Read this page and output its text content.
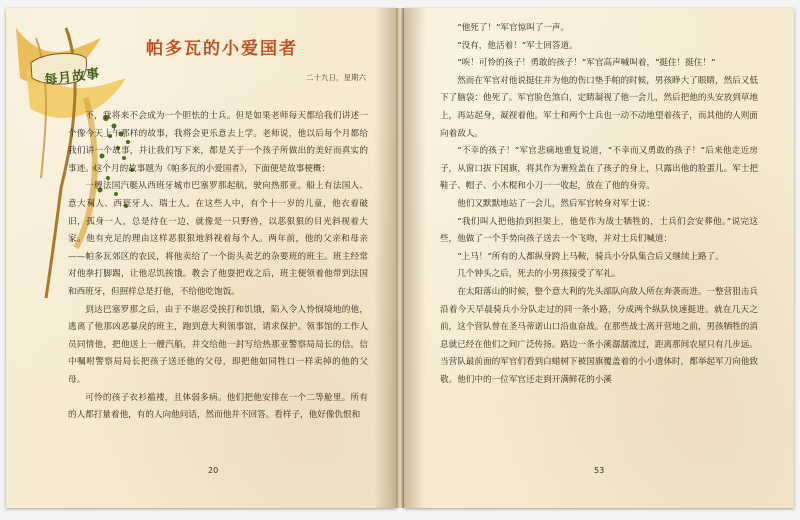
每月故事
帕多瓦的小爱国者
二十九日，星期六

不，我将来不会成为一个胆怯的士兵。但是如果老师每天都给我们讲述一个像今天上午那样的故事，我将会更乐意去上学。老师说，他以后每个月都给我们讲一个故事，并让我们写下来，都是关于一个孩子所做出的美好而真实的事迹。这个月的故事题为《帕多瓦的小爱国者》，下面便是故事梗概：

一艘法国汽艇从西班牙城市巴塞罗那起航，驶向热那亚。船上有法国人、意大利人、西班牙人、瑞士人。在这些人中，有个十一岁的儿童，他衣着破旧，孤身一人，总是待在一边，就像是一只野兽，以恶狠狠的目光斜视着大家。他有充足的理由这样恶狠狠地斜视着每个人。两年前，他的父亲和母亲——帕多瓦郊区的农民，将他卖给了一个街头卖艺的杂要班的班主。班主经常对他拳打脚踢，让他忍饥挨饿。教会了他耍把戏之后，班主便领着他带到法国和西班牙，但照样总是打他，不给他吃饱饭。

到达巴塞罗那之后，由于不堪忍受挨打和饥饿，陷入令人怜悯境地的他，逃离了他那凶恶暴戾的班主，跑到意大利领事馆，请求保护。领事馆的工作人员同情他，把他送上一艘汽船，并交给他一封写给热那亚警察局局长的信。信中嘱咐警察局局长把孩子送还他的父母，即把他如同牲口一样卖掉的他的父母。

可怜的孩子衣衫褴褛，且体弱多病。他们把他安排在一个二等舱里。所有的人都打量着他，有的人向他问话，然而他并不回答。看样子，他好像仇恨和

20

“他死了！”军官惊叫了一声。

“没有，他活着！”军士回答道。

“唉！可怜的孩子！勇敢的孩子！”军官高声喊叫着，“挺住！挺住！”

然而在军官对他说挺住并为他的伤口垫手帕的时候，男孩睁大了眼睛，然后又低下了脑袋：他死了。军官脸色煞白，定睛凝视了他一会儿，然后把他的头安放到草地上，再站起身，凝视着他。军士和两个士兵也一动不动地望着孩子，而其他的人则面向着敌人。

“不幸的孩子！”军官悲痛地重复说道，“不幸而又勇敢的孩子！”后来他走近房子，从窗口拔下国旗，将其作为裹殓盖在了孩子的身上，只露出他的脸蛋儿。军士把鞋子、帽子、小木棍和小刀一一收起，放在了他的身旁。

他们又默默地站了一会儿，然后军官转身对军士说：

“我们叫人把他抬到担架上，他是作为战士牺牲的，士兵们会安葬他。”说完这些，他做了一个手势向孩子送去一个飞吻，并对士兵们喊道：

“上马！”所有的人都纵身跨上马鞍，骑兵小分队集合后又继续上路了。

几个钟头之后，死去的小男孩接受了军礼。

在太阳落山的时候，整个意大利的先头部队向敌人所在奔袭而进。一整营狙击兵沿着今天早晨骑兵小分队走过的同一条小路，分成两个纵队快速挺进。就在几天之前，这个营队曾在圣马蒂诺山口沿血奋战。在那些战士离开营地之前，男孩牺牲的消息就已经在他们之间广泛传扬。路边一条小溪潺潺流过，距离那间农屋只有几步远。当营队最前面的军官们看到白蜡树下被国旗覆盖着的小小遗体时，都举起军刀向他致敬。他们中的一位军官还走到开满鲜花的小溪

53
